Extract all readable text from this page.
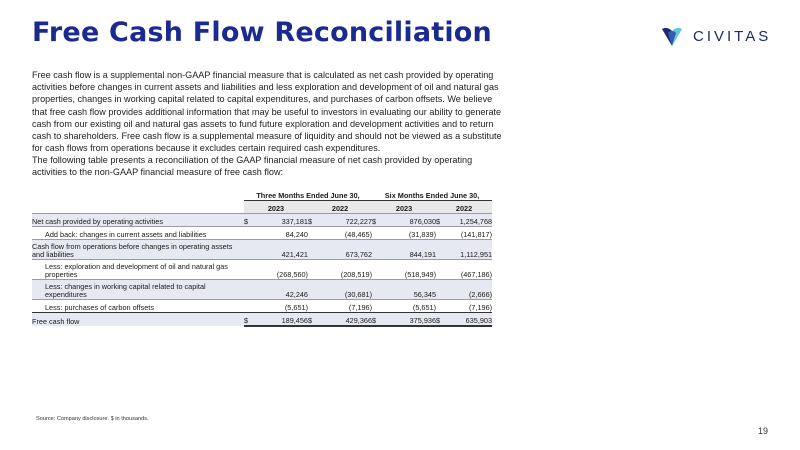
Free Cash Flow Reconciliation	CIVITAS

Free cash flow is a supplemental non-GAAP financial measure that is calculated as net cash provided by operating activities before changes in current assets and liabilities and less exploration and development of oil and natural gas properties, changes in working capital related to capital expenditures, and purchases of carbon offsets. We believe that free cash flow provides additional information that may be useful to investors in evaluating our ability to generate cash from our existing oil and natural gas assets to fund future exploration and development activities and to return cash to shareholders. Free cash flow is a supplemental measure of liquidity and should not be viewed as a substitute for cash flows from operations because it excludes certain required cash expenditures.

The following table presents a reconciliation of the GAAP financial measure of net cash provided by operating activities to the non-GAAP financial measure of free cash flow:

	Three Months Ended June 30,				Six Months Ended June 30,			
	2023		2022		2023		2022	
Net cash provided by operating activities	$	337,181	$	722,227	$	876,030	$	1,254,768
Add back: changes in current assets and liabilities		84,240		(48,465)		(31,839)		(141,817)
Cash flow from operations before changes in operating assets and liabilities		421,421		673,762		844,191		1,112,951
Less: exploration and development of oil and natural gas properties		(268,560)		(208,519)		(518,949)		(467,186)
Less: changes in working capital related to capital expenditures		42,246		(30,681)		56,345		(2,666)
Less: purchases of carbon offsets		(5,651)		(7,196)		(5,651)		(7,196)
Free cash flow	$	189,456	$	429,366	$	375,936	$	635,903
Source: Company disclosure. $ in thousands.
19
